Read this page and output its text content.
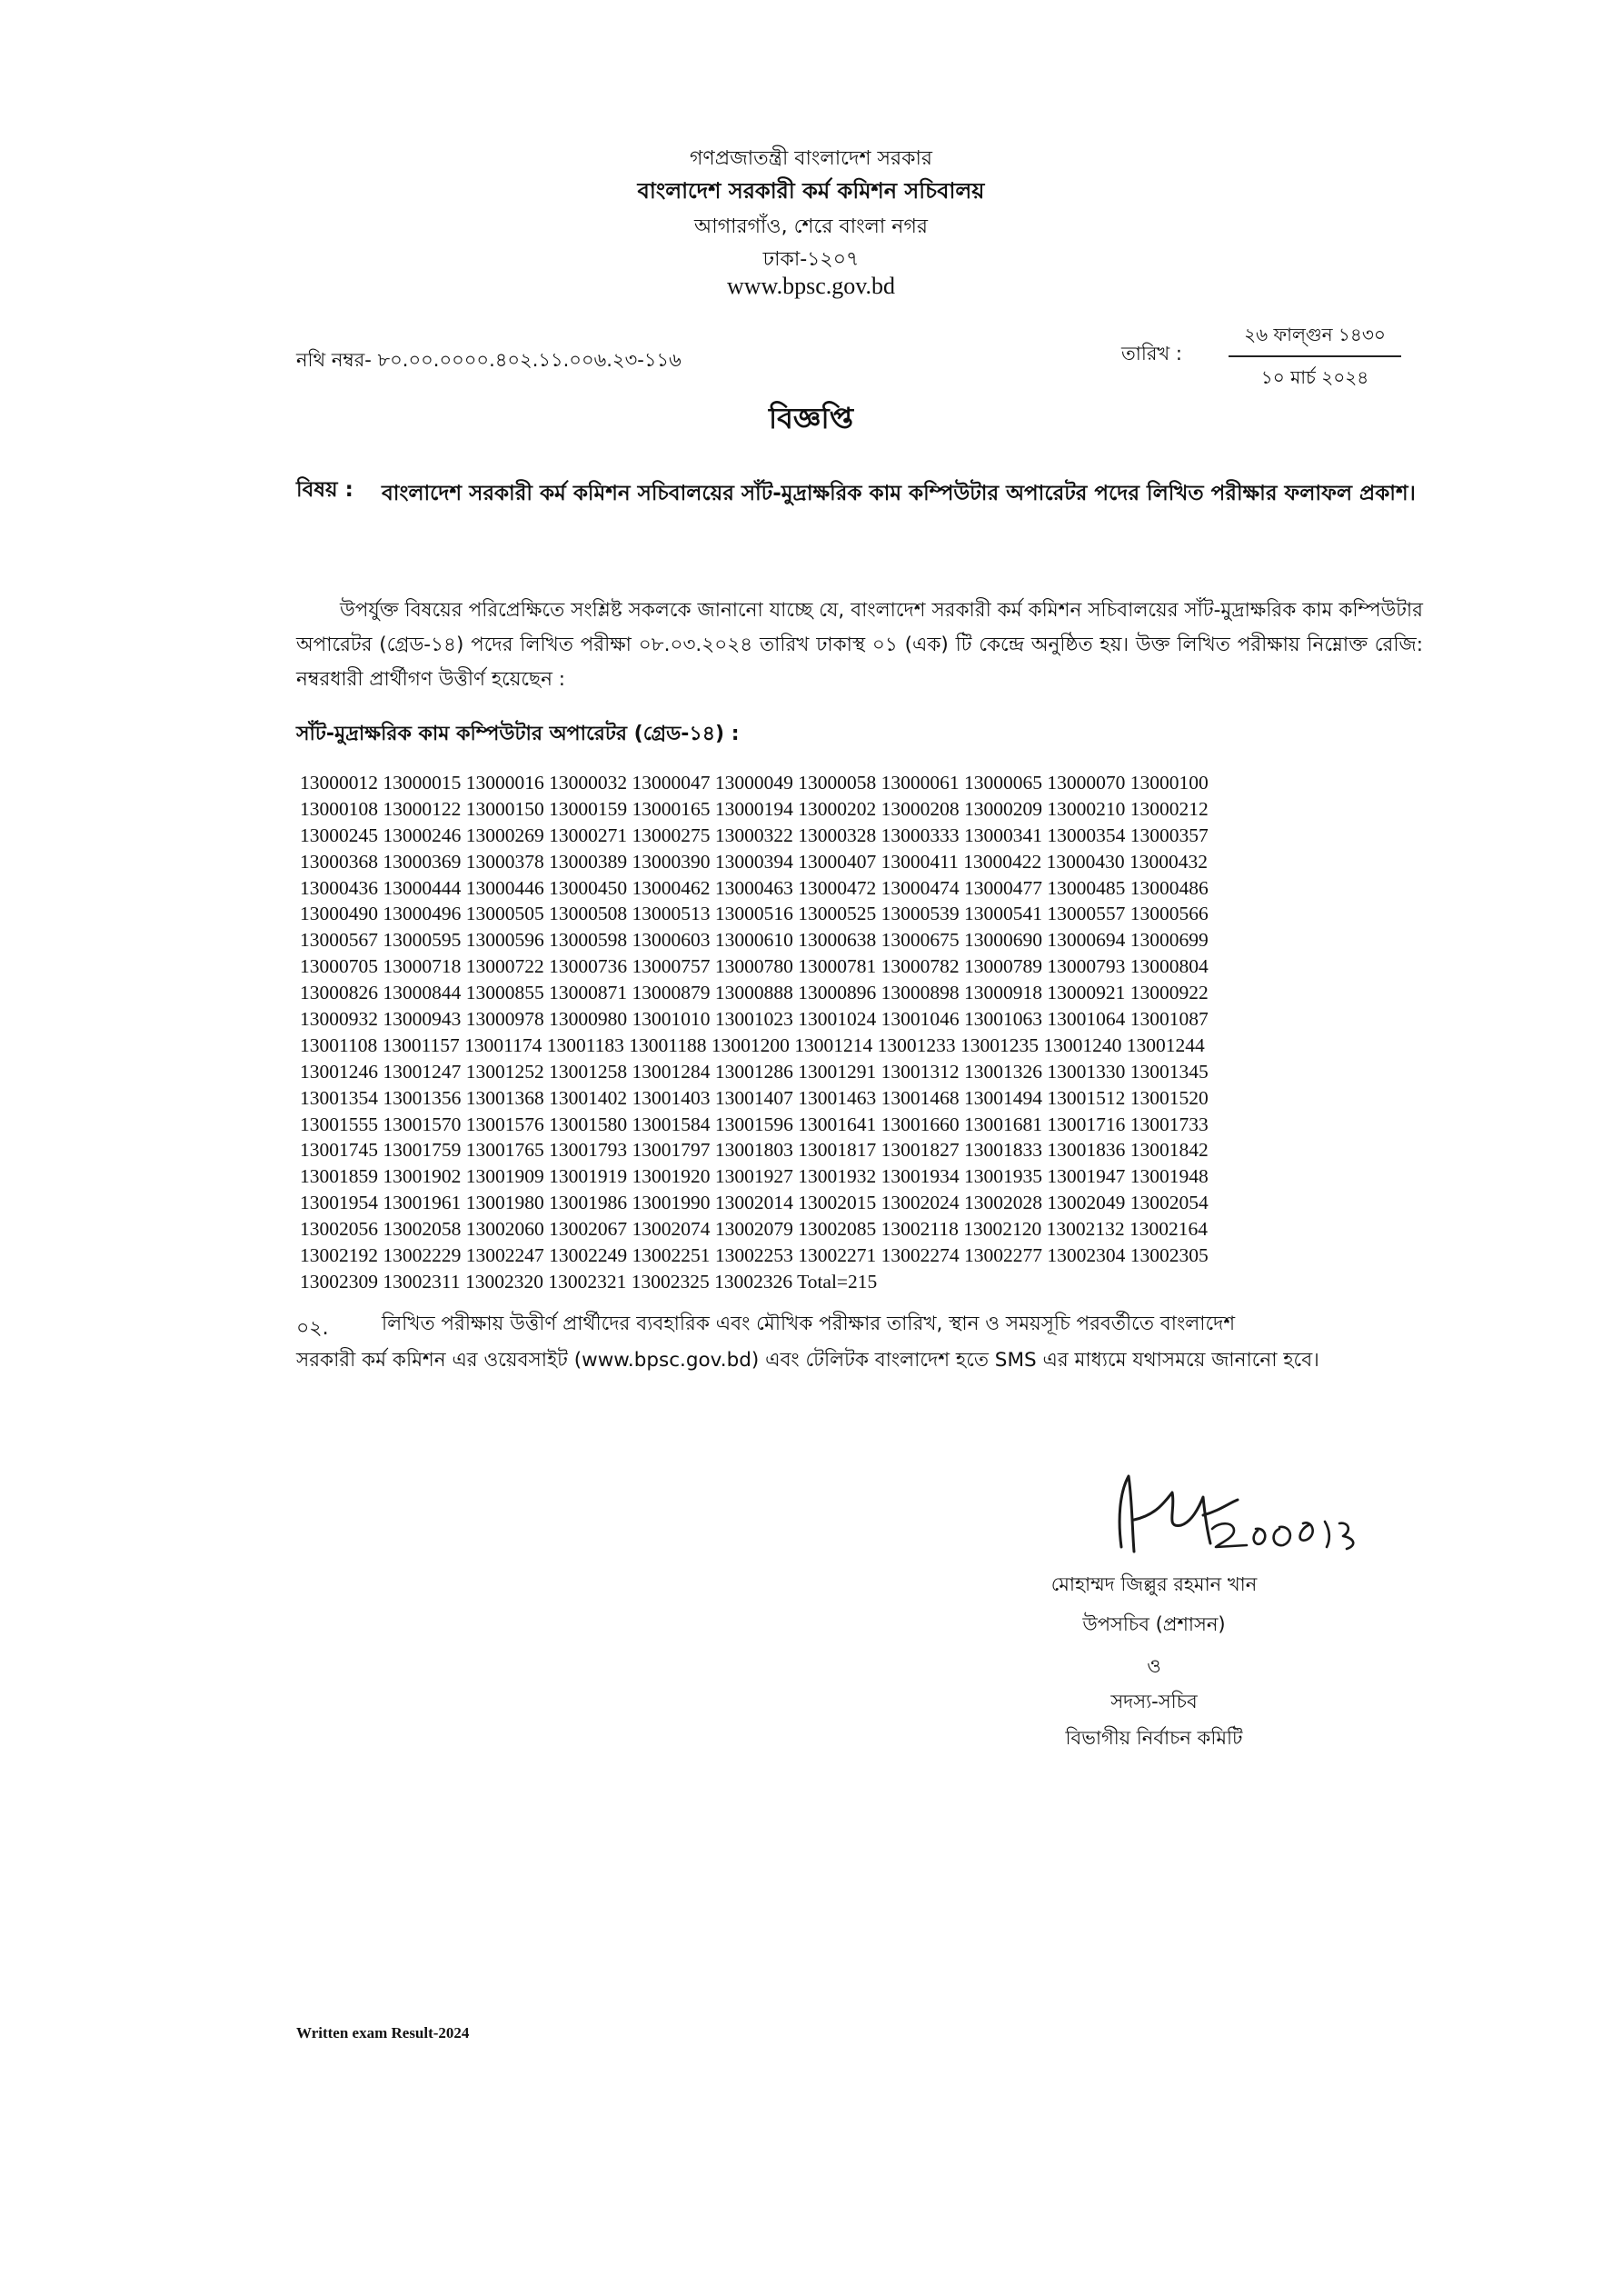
গণপ্রজাতন্ত্রী বাংলাদেশ সরকার
বাংলাদেশ সরকারী কর্ম কমিশন সচিবালয়
আগারগাঁও, শেরে বাংলা নগর
ঢাকা-১২০৭
www.bpsc.gov.bd
নথি নম্বর- ৮০.০০.০০০০.৪০২.১১.০০৬.২৩-১১৬	তারিখ :
২৬ ফাল্গুন ১৪৩০
১০ মার্চ ২০২৪
বিজ্ঞপ্তি
বিষয় : বাংলাদেশ সরকারী কর্ম কমিশন সচিবালয়ের সাঁট-মুদ্রাক্ষরিক কাম কম্পিউটার অপারেটর পদের লিখিত পরীক্ষার ফলাফল প্রকাশ।
উপর্যুক্ত বিষয়ের পরিপ্রেক্ষিতে সংশ্লিষ্ট সকলকে জানানো যাচ্ছে যে, বাংলাদেশ সরকারী কর্ম কমিশন সচিবালয়ের সাঁট-মুদ্রাক্ষরিক কাম কম্পিউটার অপারেটর (গ্রেড-১৪) পদের লিখিত পরীক্ষা ০৮.০৩.২০২৪ তারিখ ঢাকাস্থ ০১ (এক) টি কেন্দ্রে অনুষ্ঠিত হয়। উক্ত লিখিত পরীক্ষায় নিম্নোক্ত রেজি: নম্বরধারী প্রার্থীগণ উত্তীর্ণ হয়েছেন :
সাঁট-মুদ্রাক্ষরিক কাম কম্পিউটার অপারেটর (গ্রেড-১৪) :
13000012 13000015 13000016 13000032 13000047 13000049 13000058 13000061 13000065 13000070 13000100
13000108 13000122 13000150 13000159 13000165 13000194 13000202 13000208 13000209 13000210 13000212
13000245 13000246 13000269 13000271 13000275 13000322 13000328 13000333 13000341 13000354 13000357
13000368 13000369 13000378 13000389 13000390 13000394 13000407 13000411 13000422 13000430 13000432
13000436 13000444 13000446 13000450 13000462 13000463 13000472 13000474 13000477 13000485 13000486
13000490 13000496 13000505 13000508 13000513 13000516 13000525 13000539 13000541 13000557 13000566
13000567 13000595 13000596 13000598 13000603 13000610 13000638 13000675 13000690 13000694 13000699
13000705 13000718 13000722 13000736 13000757 13000780 13000781 13000782 13000789 13000793 13000804
13000826 13000844 13000855 13000871 13000879 13000888 13000896 13000898 13000918 13000921 13000922
13000932 13000943 13000978 13000980 13001010 13001023 13001024 13001046 13001063 13001064 13001087
13001108 13001157 13001174 13001183 13001188 13001200 13001214 13001233 13001235 13001240 13001244
13001246 13001247 13001252 13001258 13001284 13001286 13001291 13001312 13001326 13001330 13001345
13001354 13001356 13001368 13001402 13001403 13001407 13001463 13001468 13001494 13001512 13001520
13001555 13001570 13001576 13001580 13001584 13001596 13001641 13001660 13001681 13001716 13001733
13001745 13001759 13001765 13001793 13001797 13001803 13001817 13001827 13001833 13001836 13001842
13001859 13001902 13001909 13001919 13001920 13001927 13001932 13001934 13001935 13001947 13001948
13001954 13001961 13001980 13001986 13001990 13002014 13002015 13002024 13002028 13002049 13002054
13002056 13002058 13002060 13002067 13002074 13002079 13002085 13002118 13002120 13002132 13002164
13002192 13002229 13002247 13002249 13002251 13002253 13002271 13002274 13002277 13002304 13002305
13002309 13002311 13002320 13002321 13002325 13002326 Total=215
০২.	লিখিত পরীক্ষায় উত্তীর্ণ প্রার্থীদের ব্যবহারিক এবং মৌখিক পরীক্ষার তারিখ, স্থান ও সময়সূচি পরবর্তীতে বাংলাদেশ
সরকারী কর্ম কমিশন এর ওয়েবসাইট (www.bpsc.gov.bd) এবং টেলিটক বাংলাদেশ হতে SMS এর মাধ্যমে যথাসময়ে জানানো হবে।
মোহাম্মদ জিল্লুর রহমান খান
উপসচিব (প্রশাসন)
ও
সদস্য-সচিব
বিভাগীয় নির্বাচন কমিটি
Written exam Result-2024
